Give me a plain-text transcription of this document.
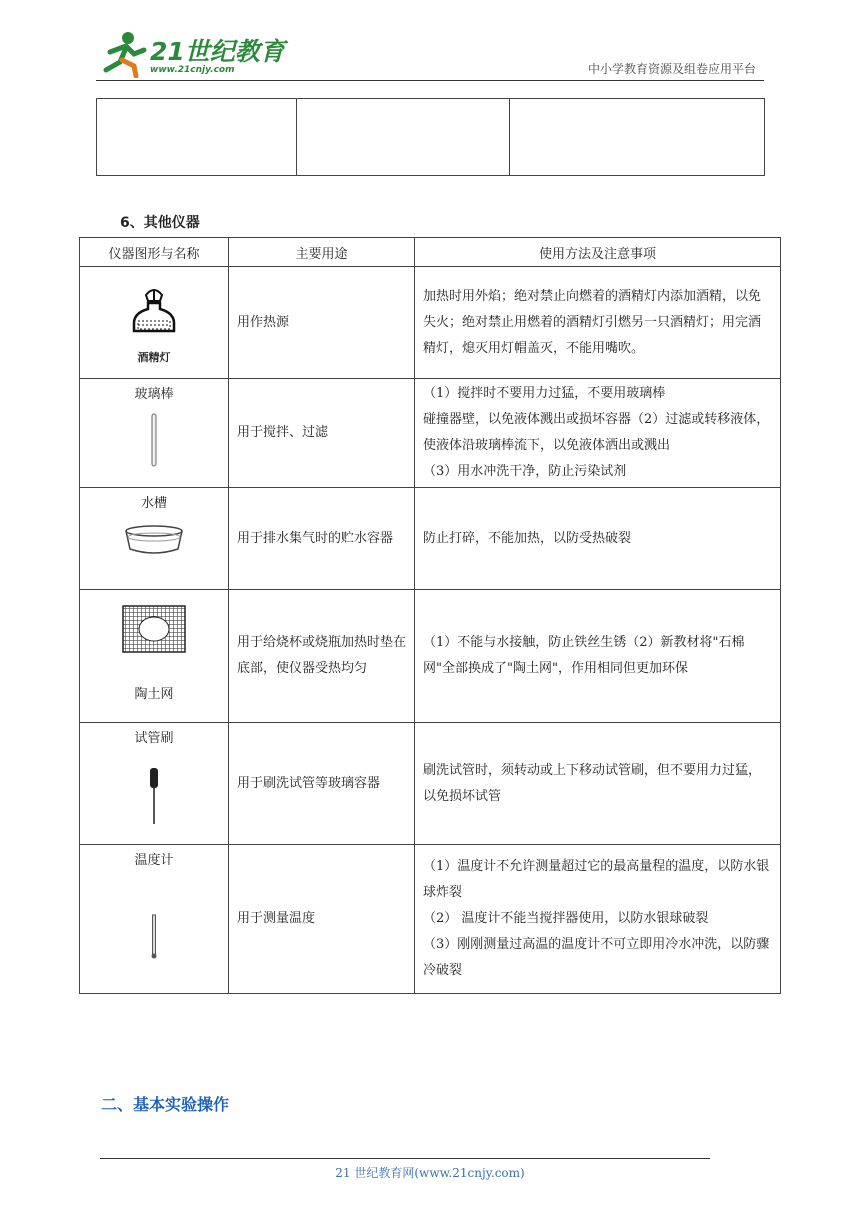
21世纪教育
www.21cnjy.com	中小学教育资源及组卷应用平台

6、其他仪器
仪器图形与名称	主要用途	使用方法及注意事项

酒精灯	用作热源	加热时用外焰；绝对禁止向燃着的酒精灯内添加酒精，以免失火；绝对禁止用燃着的酒精灯引燃另一只酒精灯；用完酒精灯，熄灭用灯帽盖灭，不能用嘴吹。

玻璃棒	用于搅拌、过滤	（1）搅拌时不要用力过猛，不要用玻璃棒

碰撞器壁，以免液体溅出或损坏容器（2）过滤或转移液体，使液体沿玻璃棒流下，以免液体洒出或溅出

（3）用水冲洗干净，防止污染试剂

水槽	用于排水集气时的贮水容器	防止打碎，不能加热，以防受热破裂

陶土网	用于给烧杯或烧瓶加热时垫在底部，使仪器受热均匀	（1）不能与水接触，防止铁丝生锈（2）新教材将"石棉网"全部换成了"陶土网"，作用相同但更加环保

试管刷	用于刷洗试管等玻璃容器	刷洗试管时，须转动或上下移动试管刷，但不要用力过猛，以免损坏试管

温度计	用于测量温度	（1）温度计不允许测量超过它的最高量程的温度，以防水银球炸裂

（2） 温度计不能当搅拌器使用，以防水银球破裂

（3）刚刚测量过高温的温度计不可立即用冷水冲洗，以防骤冷破裂

二、基本实验操作
21 世纪教育网(www.21cnjy.com)
